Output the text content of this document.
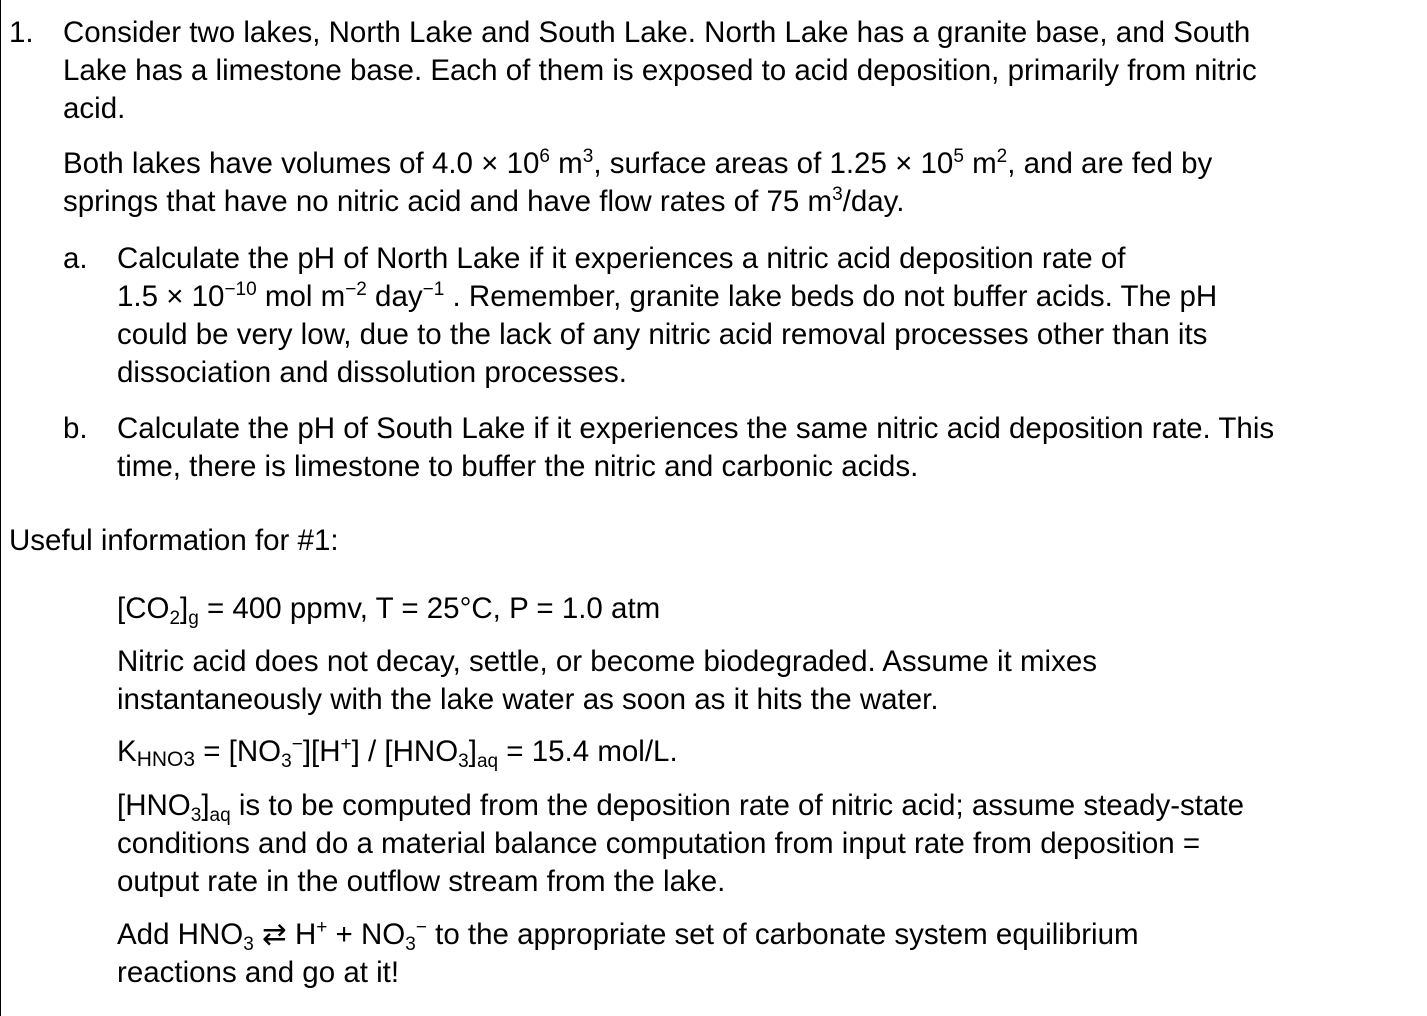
1. Consider two lakes, North Lake and South Lake. North Lake has a granite base, and South
Lake has a limestone base. Each of them is exposed to acid deposition, primarily from nitric
acid.
Both lakes have volumes of $4.0 \times 10^6$ $m^3$, surface areas of $1.25 \times 10^5$ $m^2$, and are fed by
springs that have no nitric acid and have flow rates of 75 $m^3$/day.
a. Calculate the pH of North Lake if it experiences a nitric acid deposition rate of
$1.5 \times 10^{-10}$ mol $m^{-2}$ day$^{-1}$ . Remember, granite lake beds do not buffer acids. The pH
could be very low, due to the lack of any nitric acid removal processes other than its
dissociation and dissolution processes.
b. Calculate the pH of South Lake if it experiences the same nitric acid deposition rate. This
time, there is limestone to buffer the nitric and carbonic acids.
Useful information for #1:
$[CO_2]_g = 400$ ppmv, T = 25°C, P = 1.0 atm
Nitric acid does not decay, settle, or become biodegraded. Assume it mixes
instantaneously with the lake water as soon as it hits the water.
KHNO3 = $[NO_3^-][H^+] / [HNO_3]_{aq} = 15.4$ mol/L.
$[HNO_3]_{aq}$ is to be computed from the deposition rate of nitric acid; assume steady-state
conditions and do a material balance computation from input rate from deposition =
output rate in the outflow stream from the lake.
Add $HNO_3$ ⇄ $H^+ + NO_3^-$ to the appropriate set of carbonate system equilibrium
reactions and go at it!
